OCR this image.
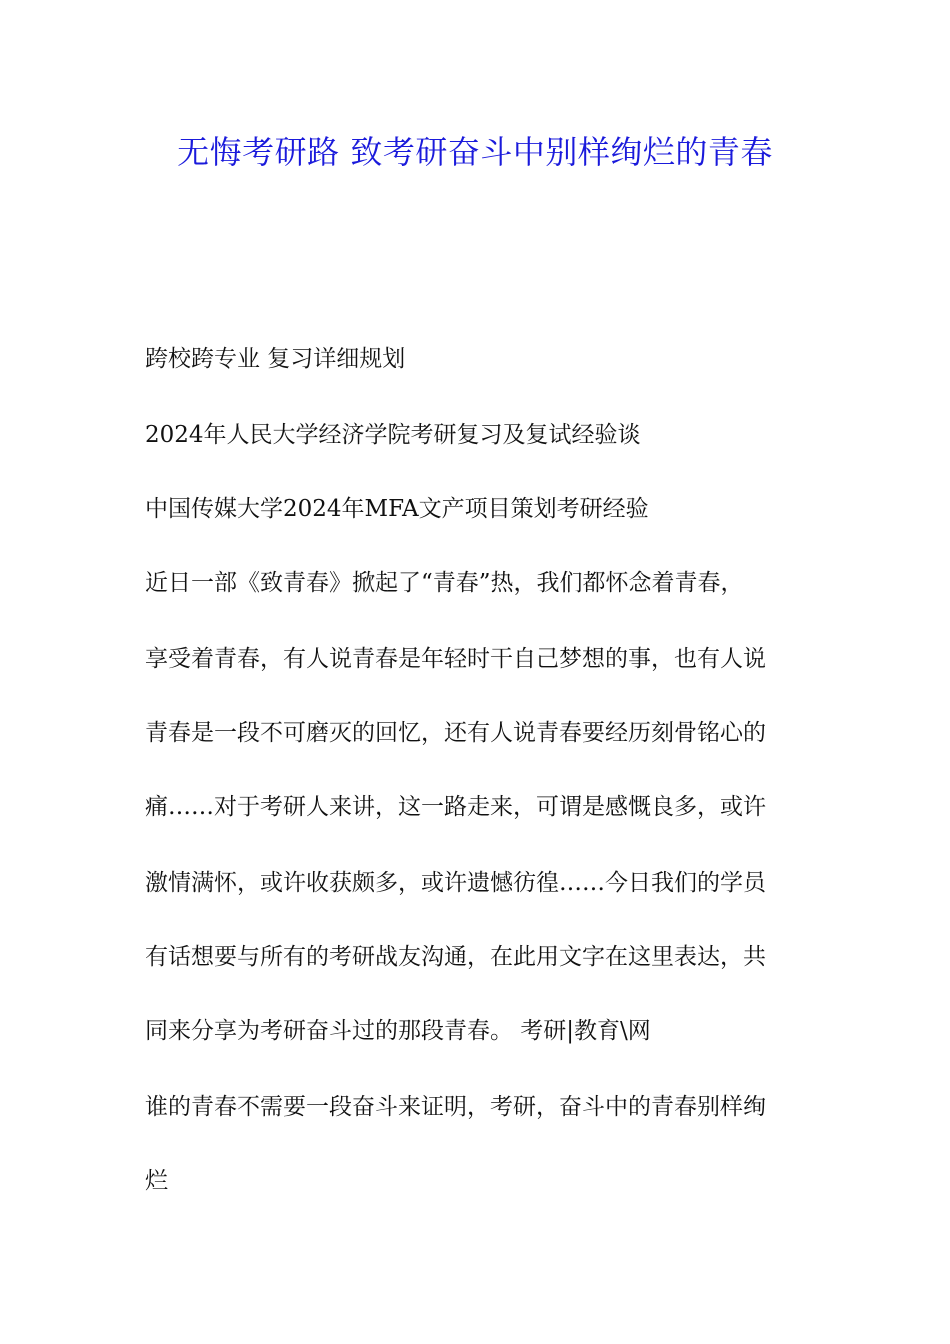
无悔考研路 致考研奋斗中别样绚烂的青春
跨校跨专业 复习详细规划
2024年人民大学经济学院考研复习及复试经验谈
中国传媒大学2024年MFA文产项目策划考研经验
近日一部《致青春》掀起了“青春”热，我们都怀念着青春，
享受着青春，有人说青春是年轻时干自己梦想的事，也有人说
青春是一段不可磨灭的回忆，还有人说青春要经历刻骨铭心的
痛……对于考研人来讲，这一路走来，可谓是感慨良多，或许
激情满怀，或许收获颇多，或许遗憾彷徨……今日我们的学员
有话想要与所有的考研战友沟通，在此用文字在这里表达，共
同来分享为考研奋斗过的那段青春。 考研|教育\网
谁的青春不需要一段奋斗来证明，考研，奋斗中的青春别样绚
烂
